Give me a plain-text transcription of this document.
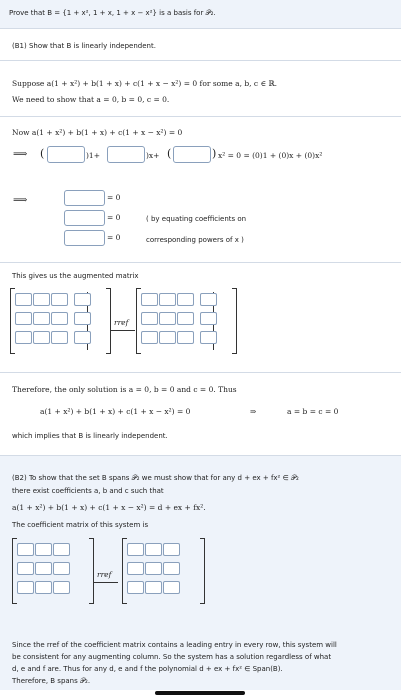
Prove that B = {1 + x², 1 + x, 1 + x − x²} is a basis for 𝒫₂.
(B1) Show that B is linearly independent.
Suppose a(1 + x²) + b(1 + x) + c(1 + x − x²) = 0 for some a, b, c ∈ ℝ.
We need to show that a = 0, b = 0, c = 0.
Now a(1 + x²) + b(1 + x) + c(1 + x − x²) = 0
⟹ (	)1+	)x+ (	) x² = 0 = (0)1 + (0)x + (0)x²
⟹	= 0
= 0
= 0
( by equating coefficients on
corresponding powers of x )
This gives us the augmented matrix
rref
Therefore, the only solution is a = 0, b = 0 and c = 0. Thus
a(1 + x²) + b(1 + x) + c(1 + x − x²) = 0	⇒	a = b = c = 0
which implies that B is linearly independent.
(B2) To show that the set B spans 𝒫₂ we must show that for any d + ex + fx² ∈ 𝒫₂
there exist coefficients a, b and c such that
a(1 + x²) + b(1 + x) + c(1 + x − x²) = d + ex + fx².
The coefficient matrix of this system is
rref
Since the rref of the coefficient matrix contains a leading entry in every row, this system will
be consistent for any augmenting column. So the system has a solution regardless of what
d, e and f are. Thus for any d, e and f the polynomial d + ex + fx² ∈ Span(B).
Therefore, B spans 𝒫₂.
